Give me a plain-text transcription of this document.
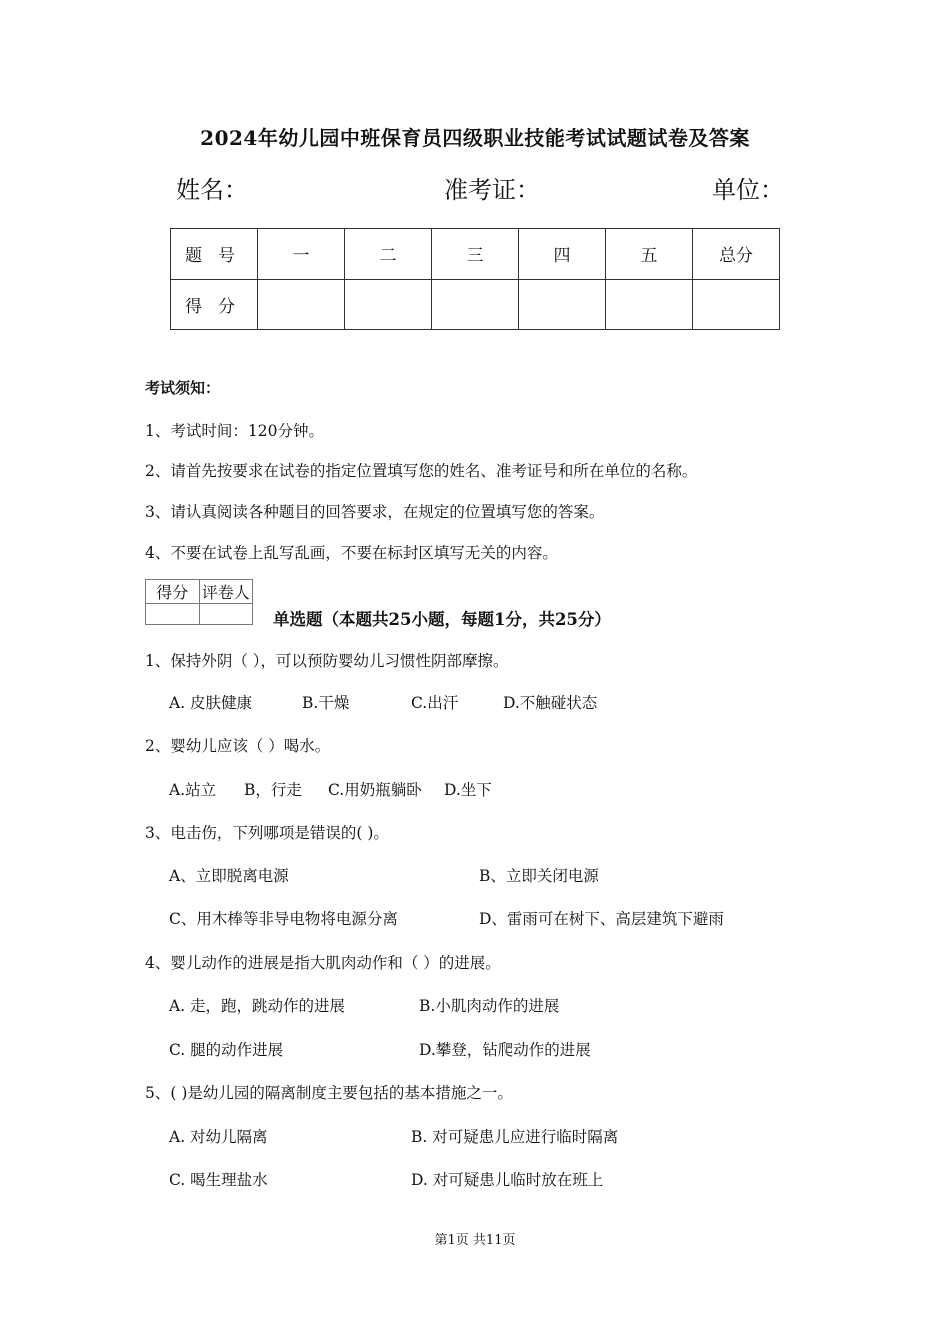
2024年幼儿园中班保育员四级职业技能考试试题试卷及答案
姓名：	准考证：	单位：
题号	一	二	三	四	五	总分
得分						
考试须知：
1、考试时间：120分钟。
2、请首先按要求在试卷的指定位置填写您的姓名、准考证号和所在单位的名称。
3、请认真阅读各种题目的回答要求，在规定的位置填写您的答案。
4、不要在试卷上乱写乱画，不要在标封区填写无关的内容。
得分	评卷人

单选题（本题共25小题，每题1分，共25分）
1、保持外阴（ ），可以预防婴幼儿习惯性阴部摩擦。
A. 皮肤健康	B.干燥	C.出汗	D.不触碰状态
2、婴幼儿应该（ ）喝水。
A.站立 B，行走 C.用奶瓶躺卧 D.坐下
3、电击伤，下列哪项是错误的( )。
A、立即脱离电源	B、立即关闭电源
C、用木棒等非导电物将电源分离	D、雷雨可在树下、高层建筑下避雨
4、婴儿动作的进展是指大肌肉动作和（ ）的进展。
A. 走，跑，跳动作的进展	B.小肌肉动作的进展
C. 腿的动作进展	D.攀登，钻爬动作的进展
5、( )是幼儿园的隔离制度主要包括的基本措施之一。
A. 对幼儿隔离	B. 对可疑患儿应进行临时隔离
C. 喝生理盐水	D. 对可疑患儿临时放在班上
第1页 共11页
